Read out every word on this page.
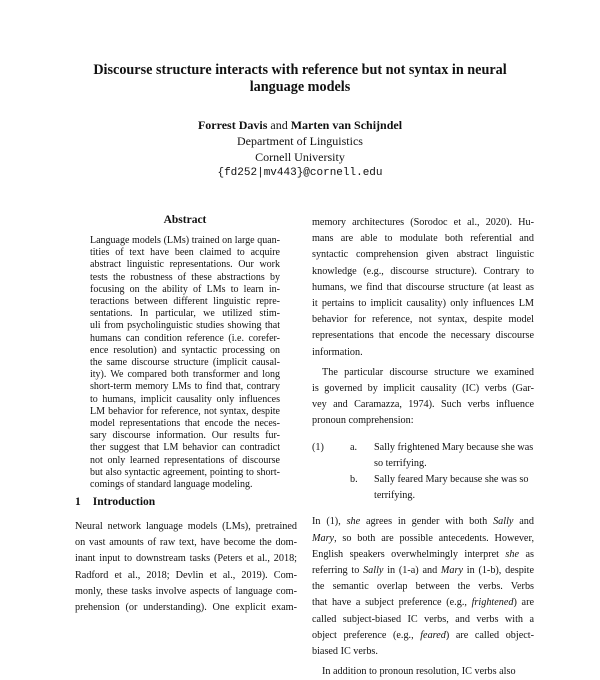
Discourse structure interacts with reference but not syntax in neural
language models
Forrest Davis and Marten van Schijndel
Department of Linguistics
Cornell University
{fd252|mv443}@cornell.edu
Abstract
Language models (LMs) trained on large quan-
tities of text have been claimed to acquire
abstract linguistic representations. Our work
tests the robustness of these abstractions by
focusing on the ability of LMs to learn in-
teractions between different linguistic repre-
sentations. In particular, we utilized stim-
uli from psycholinguistic studies showing that
humans can condition reference (i.e. corefer-
ence resolution) and syntactic processing on
the same discourse structure (implicit causal-
ity). We compared both transformer and long
short-term memory LMs to find that, contrary
to humans, implicit causality only influences
LM behavior for reference, not syntax, despite
model representations that encode the neces-
sary discourse information. Our results fur-
ther suggest that LM behavior can contradict
not only learned representations of discourse
but also syntactic agreement, pointing to short-
comings of standard language modeling.
1 Introduction
Neural network language models (LMs), pretrained
on vast amounts of raw text, have become the dom-
inant input to downstream tasks (Peters et al., 2018;
Radford et al., 2018; Devlin et al., 2019). Com-
monly, these tasks involve aspects of language com-
prehension (or understanding). One explicit exam-
memory architectures (Sorodoc et al., 2020). Hu-
mans are able to modulate both referential and
syntactic comprehension given abstract linguistic
knowledge (e.g., discourse structure). Contrary to
humans, we find that discourse structure (at least as
it pertains to implicit causality) only influences LM
behavior for reference, not syntax, despite model
representations that encode the necessary discourse
information.
The particular discourse structure we examined
is governed by implicit causality (IC) verbs (Gar-
vey and Caramazza, 1974). Such verbs influence
pronoun comprehension:
(1)	a.	Sally frightened Mary because she was
so terrifying.
b.	Sally feared Mary because she was so
terrifying.
In (1), she agrees in gender with both Sally and
Mary, so both are possible antecedents. However,
English speakers overwhelmingly interpret she as
referring to Sally in (1-a) and Mary in (1-b), despite
the semantic overlap between the verbs. Verbs
that have a subject preference (e.g., frightened) are
called subject-biased IC verbs, and verbs with a
object preference (e.g., feared) are called object-
biased IC verbs.
In addition to pronoun resolution, IC verbs also
